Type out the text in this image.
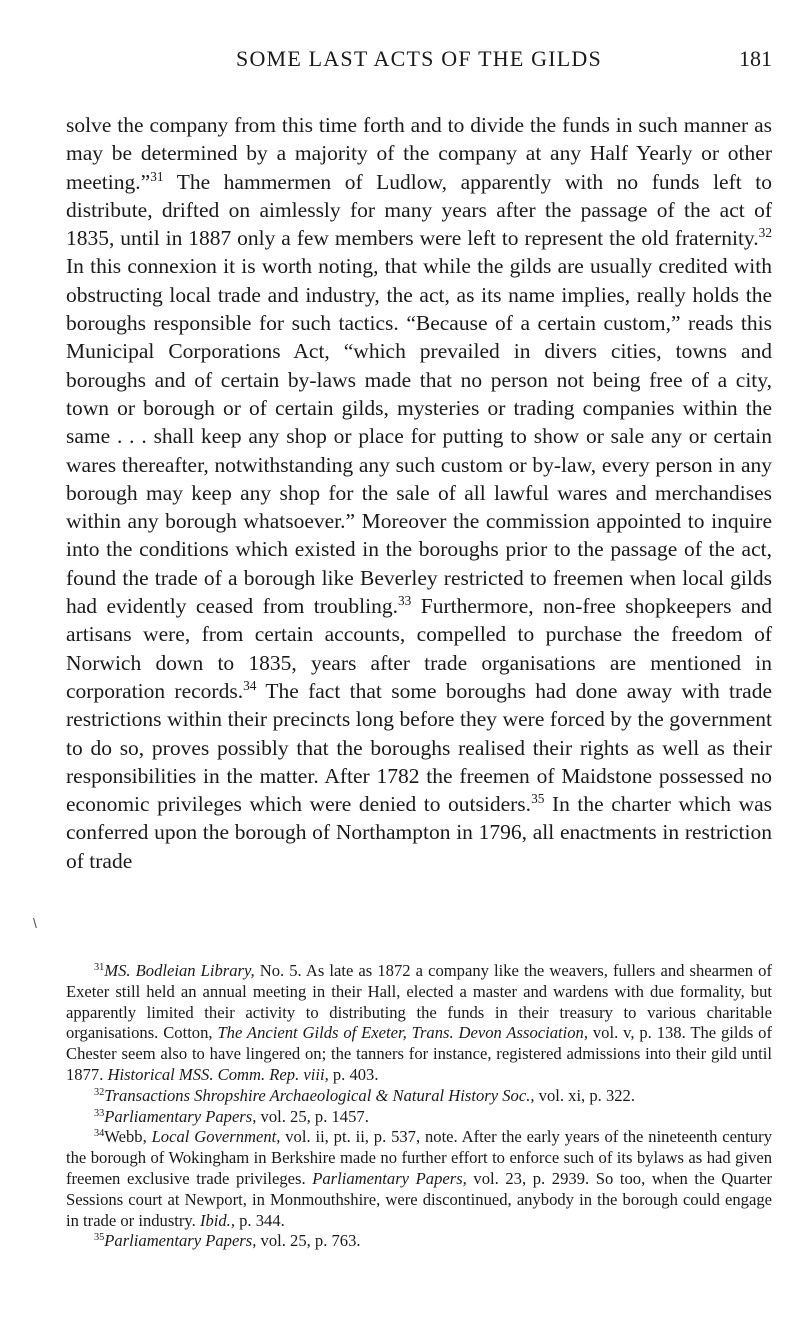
SOME LAST ACTS OF THE GILDS	181

solve the company from this time forth and to divide the funds in such manner as may be determined by a majority of the company at any Half Yearly or other meeting.”$^{31}$ The hammermen of Ludlow, apparently with no funds left to distribute, drifted on aimlessly for many years after the passage of the act of 1835, until in 1887 only a few members were left to represent the old fraternity.$^{32}$ In this connexion it is worth noting, that while the gilds are usually credited with obstructing local trade and industry, the act, as its name implies, really holds the boroughs responsible for such tactics. “Because of a certain custom,” reads this Municipal Corporations Act, “which prevailed in divers cities, towns and boroughs and of certain by-laws made that no person not being free of a city, town or borough or of certain gilds, mysteries or trading companies within the same . . . shall keep any shop or place for putting to show or sale any or certain wares thereafter, notwithstanding any such custom or by-law, every person in any borough may keep any shop for the sale of all lawful wares and merchandises within any borough whatsoever.” Moreover the commission appointed to inquire into the conditions which existed in the boroughs prior to the passage of the act, found the trade of a borough like Beverley restricted to freemen when local gilds had evidently ceased from troubling.$^{33}$ Furthermore, non-free shopkeepers and artisans were, from certain accounts, compelled to purchase the freedom of Norwich down to 1835, years after trade organisations are mentioned in corporation records.$^{34}$ The fact that some boroughs had done away with trade restrictions within their precincts long before they were forced by the government to do so, proves possibly that the boroughs realised their rights as well as their responsibilities in the matter. After 1782 the freemen of Maidstone possessed no economic privileges which were denied to outsiders.$^{35}$ In the charter which was conferred upon the borough of Northampton in 1796, all enactments in restriction of trade

\

$^{31}$MS. Bodleian Library, No. 5. As late as 1872 a company like the weavers, fullers and shearmen of Exeter still held an annual meeting in their Hall, elected a master and wardens with due formality, but apparently limited their activity to distributing the funds in their treasury to various charitable organisations. Cotton, The Ancient Gilds of Exeter, Trans. Devon Association, vol. v, p. 138. The gilds of Chester seem also to have lingered on; the tanners for instance, registered admissions into their gild until 1877. Historical MSS. Comm. Rep. viii, p. 403.

$^{32}$Transactions Shropshire Archaeological & Natural History Soc., vol. xi, p. 322.

$^{33}$Parliamentary Papers, vol. 25, p. 1457.

$^{34}$Webb, Local Government, vol. ii, pt. ii, p. 537, note. After the early years of the nineteenth century the borough of Wokingham in Berkshire made no further effort to enforce such of its bylaws as had given freemen exclusive trade privileges. Parliamentary Papers, vol. 23, p. 2939. So too, when the Quarter Sessions court at Newport, in Monmouthshire, were discontinued, anybody in the borough could engage in trade or industry. Ibid., p. 344.

$^{35}$Parliamentary Papers, vol. 25, p. 763.
